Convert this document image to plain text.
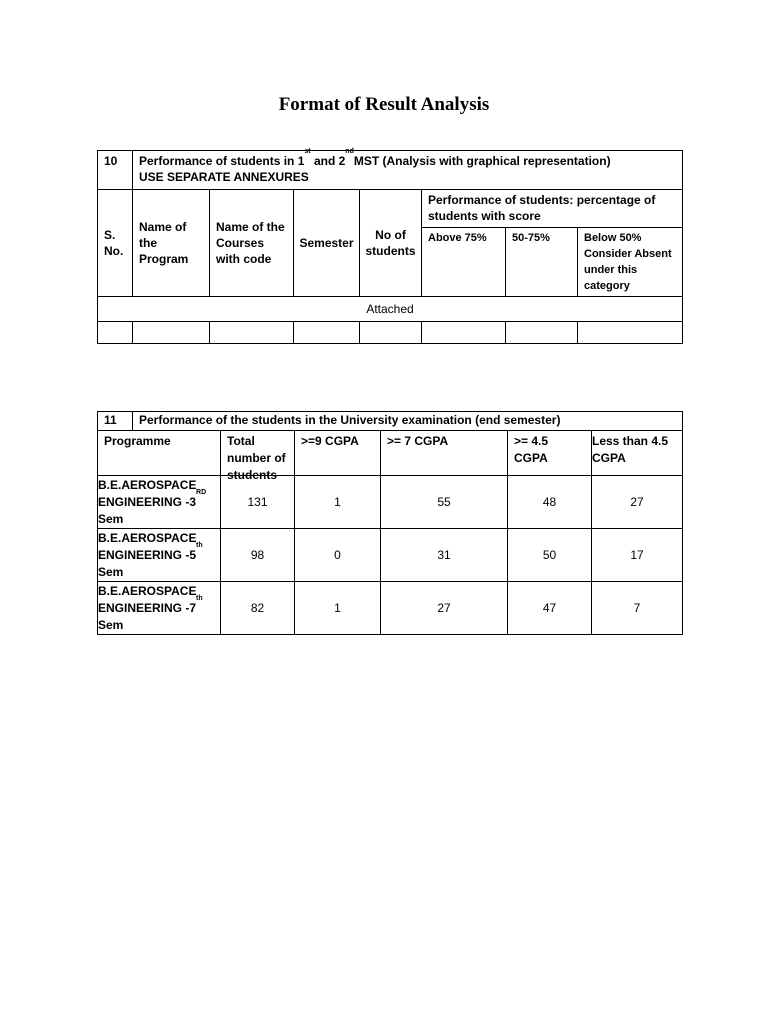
Format of Result Analysis
10	Performance of students in 1st and 2ndMST (Analysis with graphical representation)
USE SEPARATE ANNEXURES						
S. No.	Name of the Program	Name of the Courses with code	Semester	No of students	Performance of students: percentage of students with score		
					Above 75%	50-75%	Below 50% Consider Absent under this category
Attached							

11	Performance of the students in the University examination (end semester)					
Programme		Total number of students	>=9 CGPA	>= 7 CGPA	>= 4.5 CGPA	Less than 4.5 CGPA
B.E.AEROSPACE
ENGINEERING -3RD
Sem		131	1	55	48	27
B.E.AEROSPACE
ENGINEERING -5th
Sem		98	0	31	50	17
B.E.AEROSPACE
ENGINEERING -7th
Sem		82	1	27	47	7
